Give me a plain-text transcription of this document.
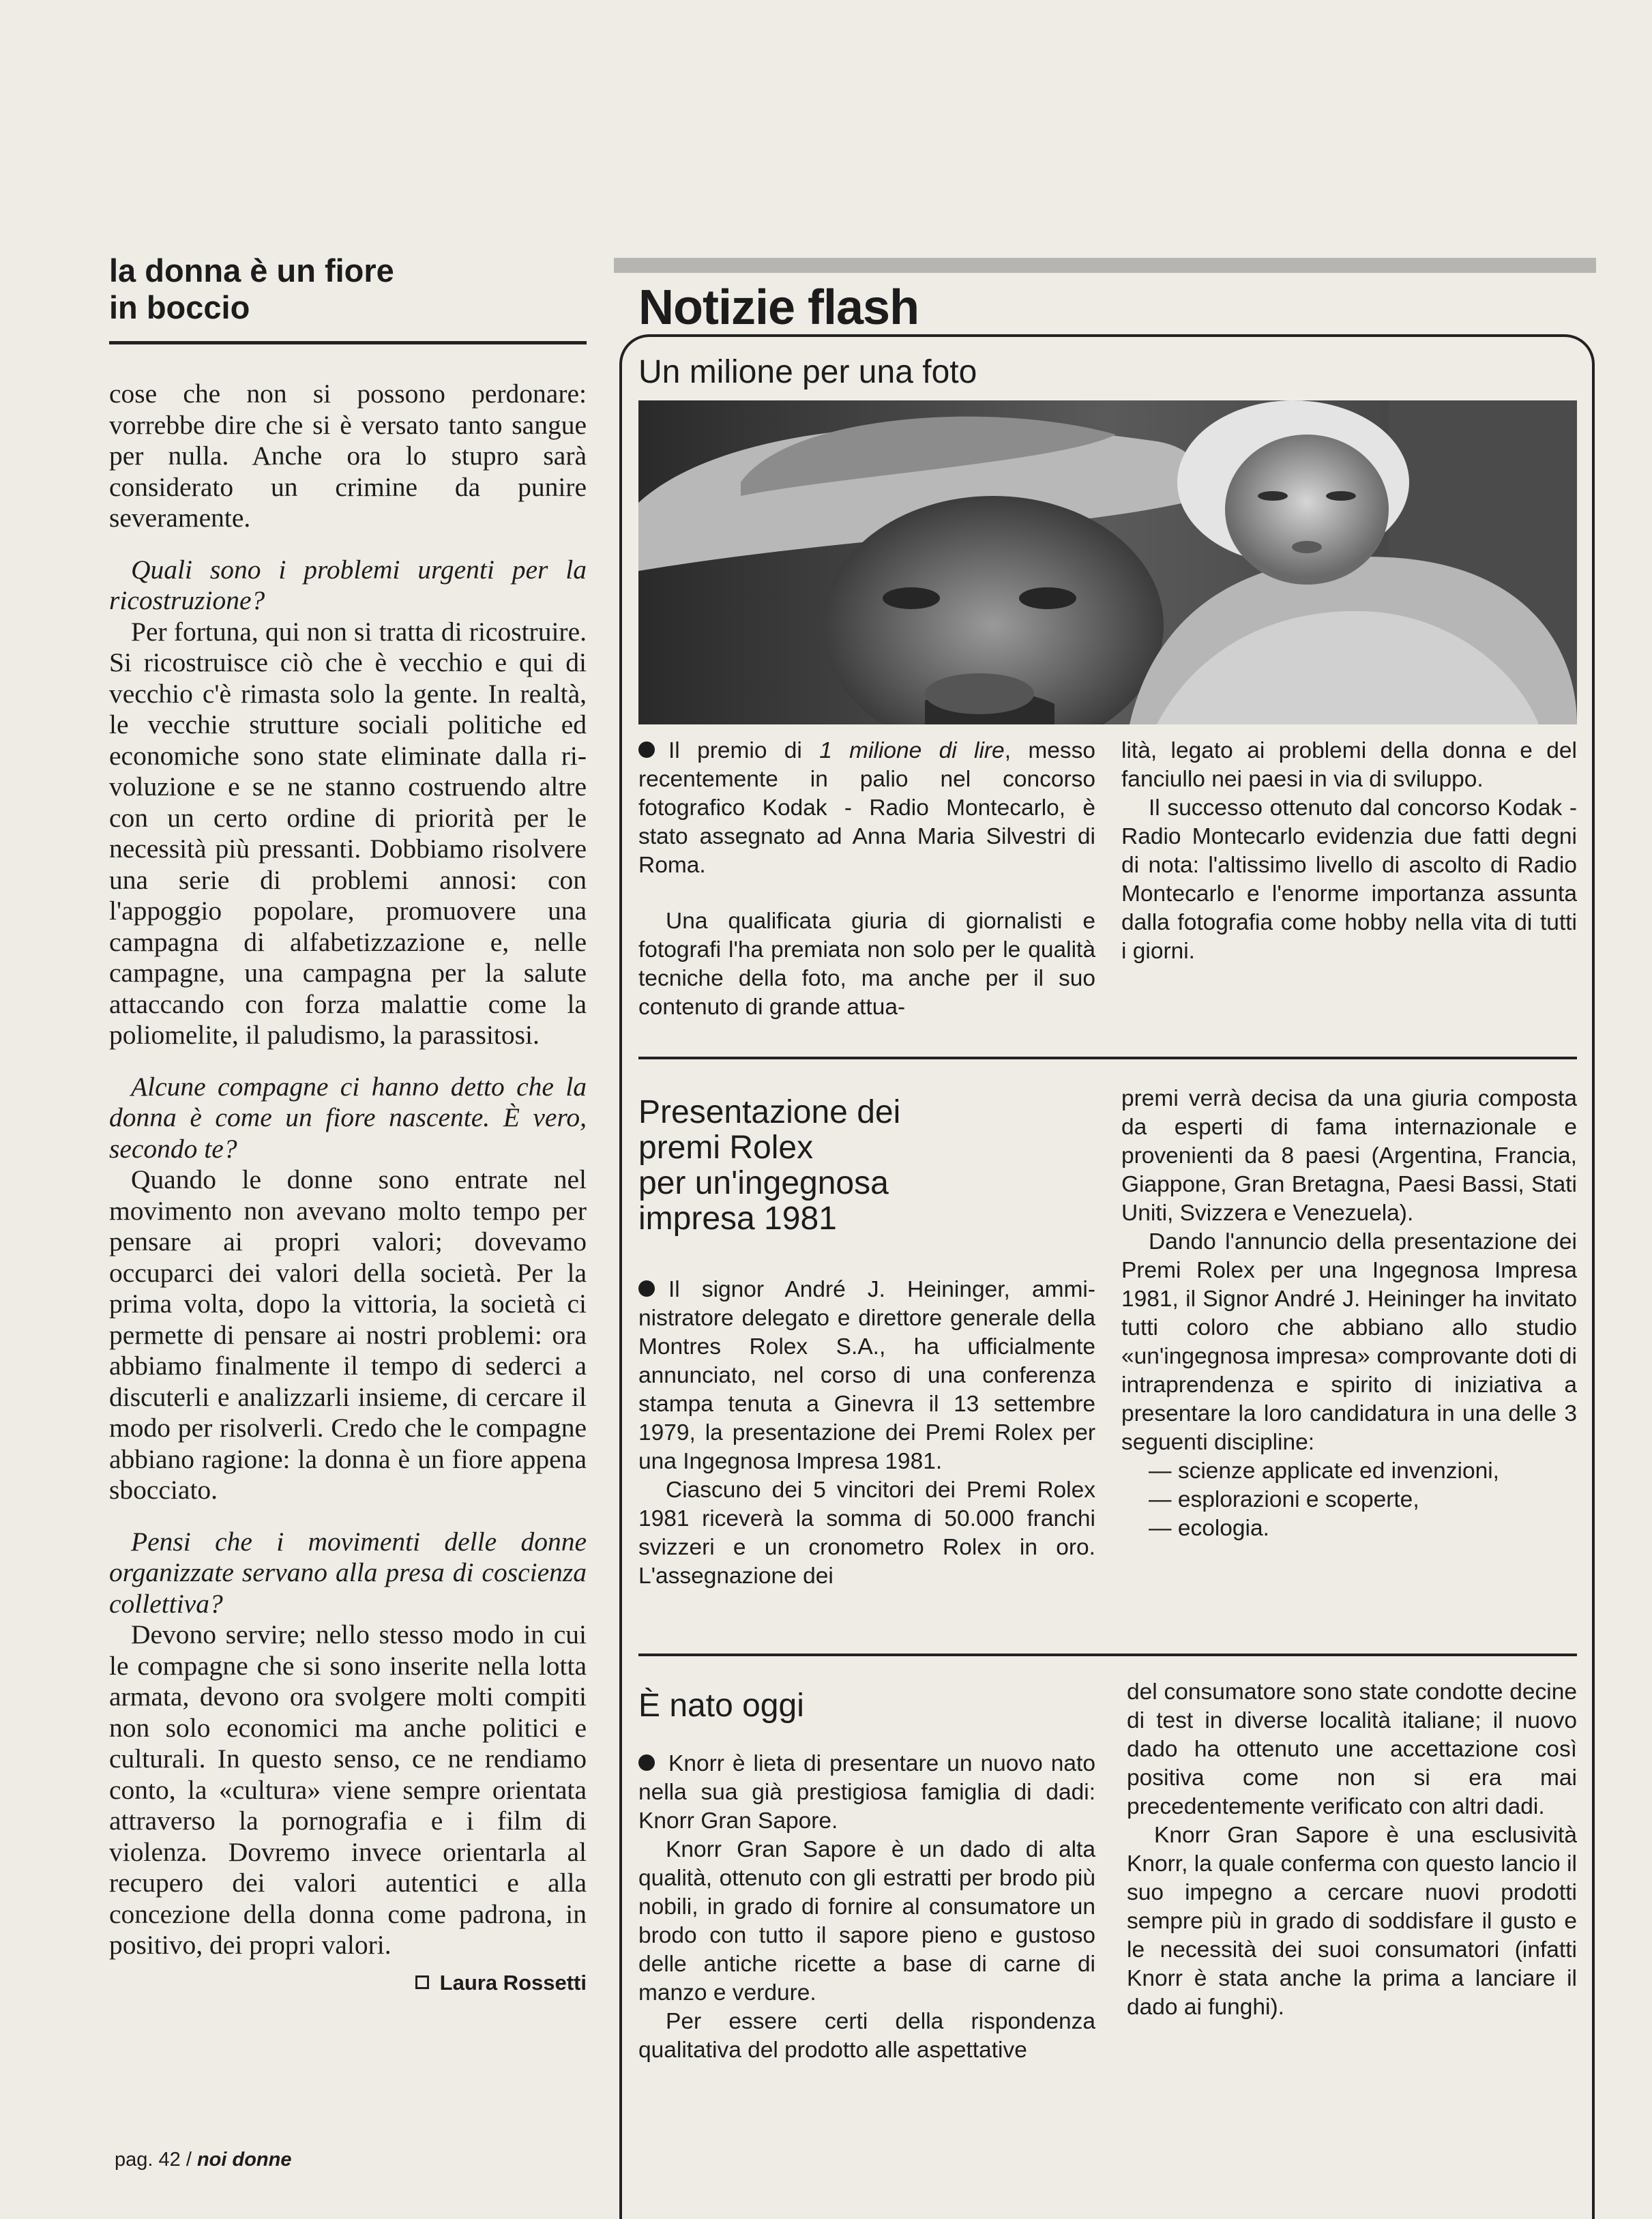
la donna è un fiore
in boccio

cose che non si possono perdonare: vorrebbe dire che si è versato tanto sangue per nulla. Anche ora lo stupro sarà considerato un crimine da punire severamente.

Quali sono i problemi urgenti per la ricostruzione?

Per fortuna, qui non si tratta di ricostruire. Si ricostruisce ciò che è vecchio e qui di vecchio c'è rimasta solo la gente. In realtà, le vecchie strutture sociali politiche ed economiche sono state eliminate dalla rivoluzione e se ne stanno costruendo altre con un certo ordine di priorità per le necessità più pressanti. Dobbiamo risolvere una serie di problemi annosi: con l'appoggio popolare, promuovere una campagna di alfabetizzazione e, nelle campagne, una campagna per la salute attaccando con forza malattie come la poliomelite, il paludismo, la parassitosi.

Alcune compagne ci hanno detto che la donna è come un fiore nascente. È vero, secondo te?

Quando le donne sono entrate nel movimento non avevano molto tempo per pensare ai propri valori; dovevamo occuparci dei valori della società. Per la prima volta, dopo la vittoria, la società ci permette di pensare ai nostri problemi: ora abbiamo finalmente il tempo di sederci a discuterli e analizzarli insieme, di cercare il modo per risolverli. Credo che le compagne abbiano ragione: la donna è un fiore appena sbocciato.

Pensi che i movimenti delle donne organizzate servano alla presa di coscienza collettiva?

Devono servire; nello stesso modo in cui le compagne che si sono inserite nella lotta armata, devono ora svolgere molti compiti non solo economici ma anche politici e culturali. In questo senso, ce ne rendiamo conto, la «cultura» viene sempre orientata attraverso la pornografia e i film di violenza. Dovremo invece orientarla al recupero dei valori autentici e alla concezione della donna come padrona, in positivo, dei propri valori.

Laura Rossetti
pag. 42 / noi donne
Notizie flash
Un milione per una foto

Il premio di 1 milione di lire, messo recentemente in palio nel concorso fotografico Kodak - Radio Montecarlo, è stato assegnato ad Anna Maria Silvestri di Roma.

Una qualificata giuria di giornalisti e fotografi l'ha premiata non solo per le qualità tecniche della foto, ma anche per il suo contenuto di grande attua-

lità, legato ai problemi della donna e del fanciullo nei paesi in via di sviluppo.

Il successo ottenuto dal concorso Kodak - Radio Montecarlo evidenzia due fatti degni di nota: l'altissimo livello di ascolto di Radio Montecarlo e l'enorme importanza assunta dalla fotografia come hobby nella vita di tutti i giorni.

Presentazione dei
premi Rolex
per un'ingegnosa
impresa 1981

Il signor André J. Heininger, amministratore delegato e direttore generale della Montres Rolex S.A., ha ufficialmente annunciato, nel corso di una conferenza stampa tenuta a Ginevra il 13 settembre 1979, la presentazione dei Premi Rolex per una Ingegnosa Impresa 1981.

Ciascuno dei 5 vincitori dei Premi Rolex 1981 riceverà la somma di 50.000 franchi svizzeri e un cronometro Rolex in oro. L'assegnazione dei

premi verrà decisa da una giuria composta da esperti di fama internazionale e provenienti da 8 paesi (Argentina, Francia, Giappone, Gran Bretagna, Paesi Bassi, Stati Uniti, Svizzera e Venezuela).

Dando l'annuncio della presentazione dei Premi Rolex per una Ingegnosa Impresa 1981, il Signor André J. Heininger ha invitato tutti coloro che abbiano allo studio «un'ingegnosa impresa» comprovante doti di intraprendenza e spirito di iniziativa a presentare la loro candidatura in una delle 3 seguenti discipline:

— scienze applicate ed invenzioni,
— esplorazioni e scoperte,
— ecologia.
È nato oggi

Knorr è lieta di presentare un nuovo nato nella sua già prestigiosa famiglia di dadi: Knorr Gran Sapore.

Knorr Gran Sapore è un dado di alta qualità, ottenuto con gli estratti per brodo più nobili, in grado di fornire al consumatore un brodo con tutto il sapore pieno e gustoso delle antiche ricette a base di carne di manzo e verdure.

Per essere certi della rispondenza qualitativa del prodotto alle aspettative

del consumatore sono state condotte decine di test in diverse località italiane; il nuovo dado ha ottenuto une accettazione così positiva come non si era mai precedentemente verificato con altri dadi.

Knorr Gran Sapore è una esclusività Knorr, la quale conferma con questo lancio il suo impegno a cercare nuovi prodotti sempre più in grado di soddisfare il gusto e le necessità dei suoi consumatori (infatti Knorr è stata anche la prima a lanciare il dado ai funghi).
